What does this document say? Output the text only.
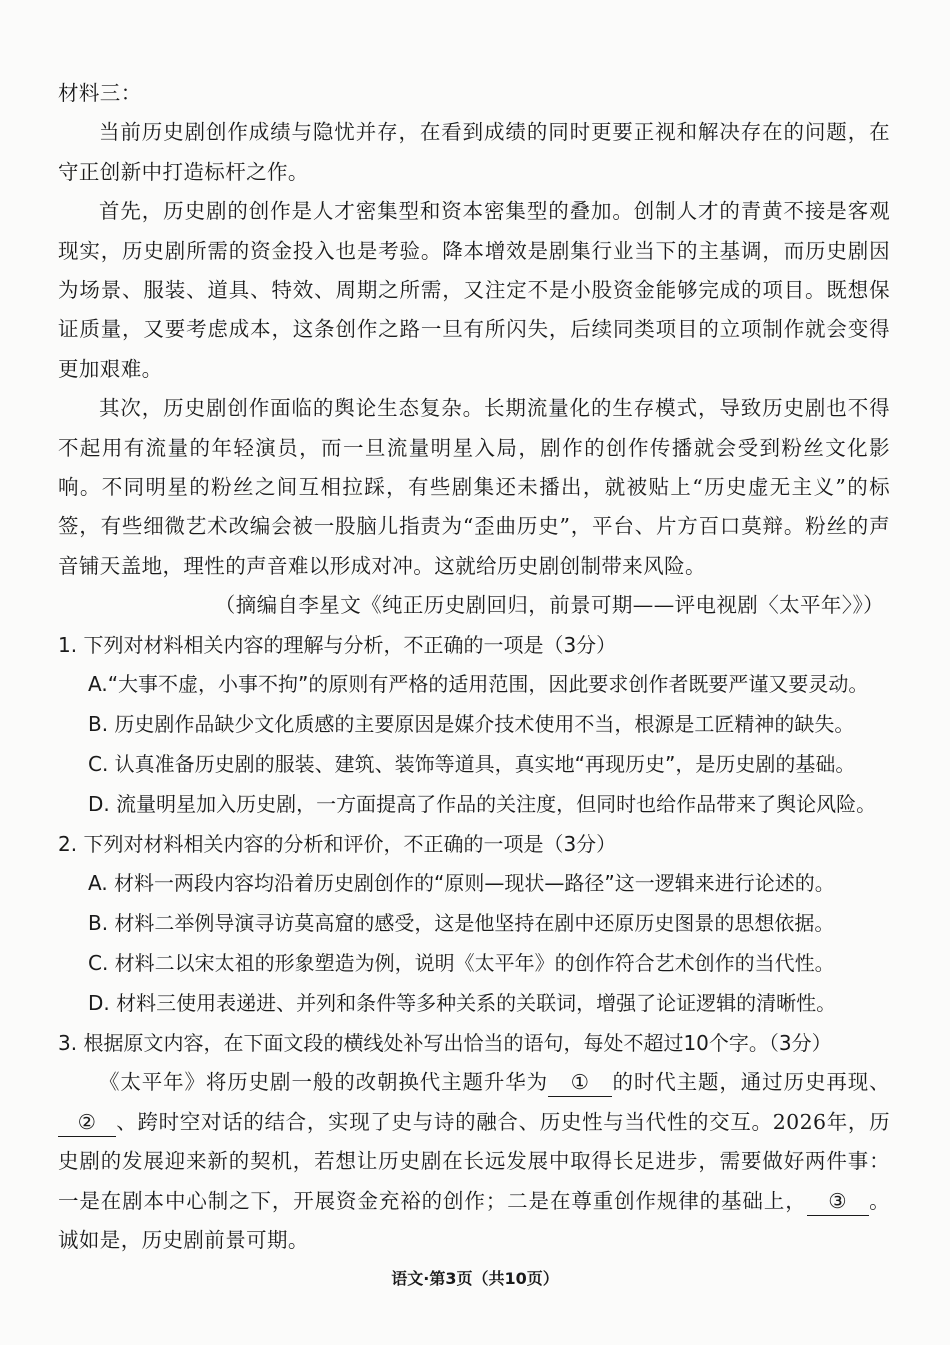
材料三：

当前历史剧创作成绩与隐忧并存，在看到成绩的同时更要正视和解决存在的问题，在守正创新中打造标杆之作。

首先，历史剧的创作是人才密集型和资本密集型的叠加。创制人才的青黄不接是客观现实，历史剧所需的资金投入也是考验。降本增效是剧集行业当下的主基调，而历史剧因为场景、服装、道具、特效、周期之所需，又注定不是小股资金能够完成的项目。既想保证质量，又要考虑成本，这条创作之路一旦有所闪失，后续同类项目的立项制作就会变得更加艰难。

其次，历史剧创作面临的舆论生态复杂。长期流量化的生存模式，导致历史剧也不得不起用有流量的年轻演员，而一旦流量明星入局，剧作的创作传播就会受到粉丝文化影响。不同明星的粉丝之间互相拉踩，有些剧集还未播出，就被贴上“历史虚无主义”的标签，有些细微艺术改编会被一股脑儿指责为“歪曲历史”，平台、片方百口莫辩。粉丝的声音铺天盖地，理性的声音难以形成对冲。这就给历史剧创制带来风险。

（摘编自李星文《纯正历史剧回归，前景可期——评电视剧〈太平年〉》）

1. 下列对材料相关内容的理解与分析，不正确的一项是（3分）

A.“大事不虚，小事不拘”的原则有严格的适用范围，因此要求创作者既要严谨又要灵动。

B. 历史剧作品缺少文化质感的主要原因是媒介技术使用不当，根源是工匠精神的缺失。

C. 认真准备历史剧的服装、建筑、装饰等道具，真实地“再现历史”，是历史剧的基础。

D. 流量明星加入历史剧，一方面提高了作品的关注度，但同时也给作品带来了舆论风险。

2. 下列对材料相关内容的分析和评价，不正确的一项是（3分）

A. 材料一两段内容均沿着历史剧创作的“原则—现状—路径”这一逻辑来进行论述的。

B. 材料二举例导演寻访莫高窟的感受，这是他坚持在剧中还原历史图景的思想依据。

C. 材料二以宋太祖的形象塑造为例，说明《太平年》的创作符合艺术创作的当代性。

D. 材料三使用表递进、并列和条件等多种关系的关联词，增强了论证逻辑的清晰性。

3. 根据原文内容，在下面文段的横线处补写出恰当的语句，每处不超过10个字。（3分）

《太平年》将历史剧一般的改朝换代主题升华为 ① 的时代主题，通过历史再现、② 、跨时空对话的结合，实现了史与诗的融合、历史性与当代性的交互。2026年，历史剧的发展迎来新的契机，若想让历史剧在长远发展中取得长足进步，需要做好两件事：一是在剧本中心制之下，开展资金充裕的创作；二是在尊重创作规律的基础上， ③ 。诚如是，历史剧前景可期。

语文·第3页（共10页）
